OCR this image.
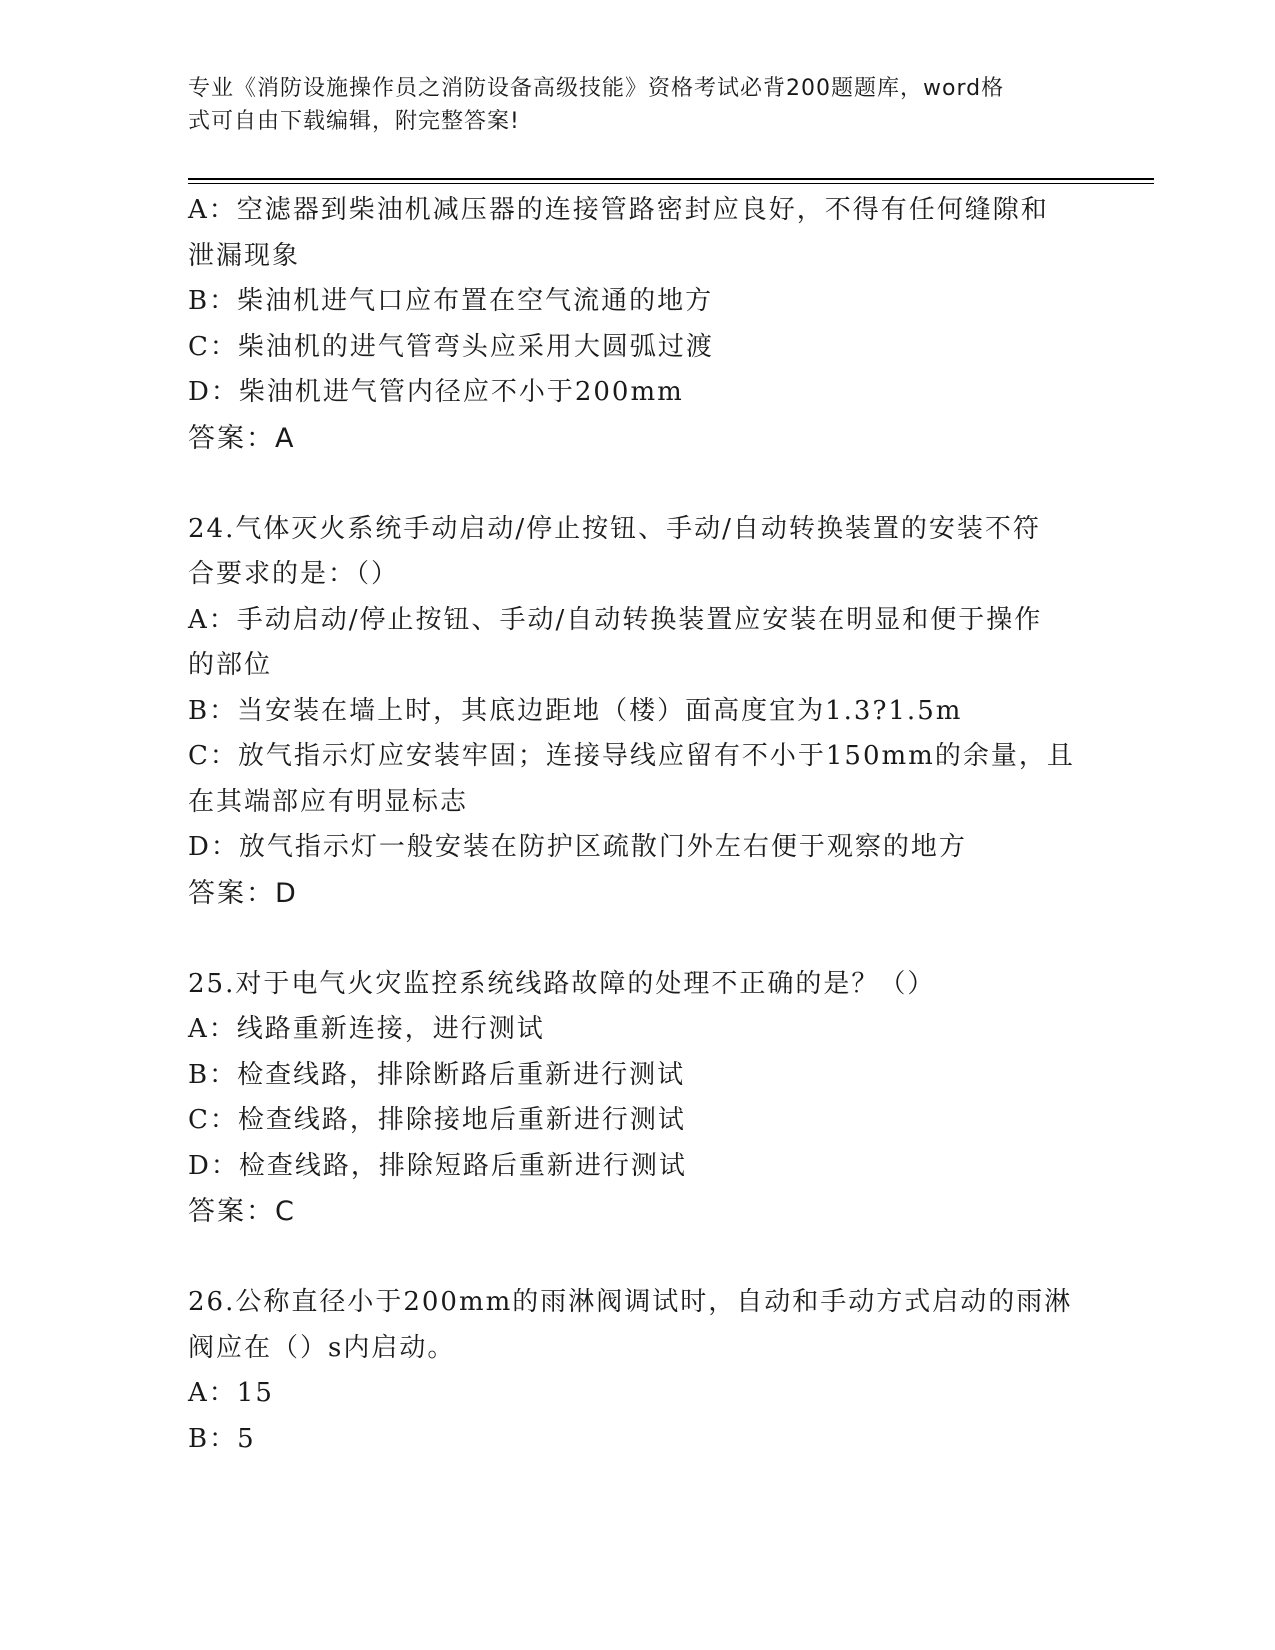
专业《消防设施操作员之消防设备高级技能》资格考试必背200题题库，word格
式可自由下载编辑，附完整答案!
A：空滤器到柴油机减压器的连接管路密封应良好，不得有任何缝隙和
泄漏现象
B：柴油机进气口应布置在空气流通的地方
C：柴油机的进气管弯头应采用大圆弧过渡
D：柴油机进气管内径应不小于200mm
答案：A
24.气体灭火系统手动启动/停止按钮、手动/自动转换装置的安装不符
合要求的是：（）
A：手动启动/停止按钮、手动/自动转换装置应安装在明显和便于操作
的部位
B：当安装在墙上时，其底边距地（楼）面高度宜为1.3?1.5m
C：放气指示灯应安装牢固；连接导线应留有不小于150mm的余量，且
在其端部应有明显标志
D：放气指示灯一般安装在防护区疏散门外左右便于观察的地方
答案：D
25.对于电气火灾监控系统线路故障的处理不正确的是？（）
A：线路重新连接，进行测试
B：检查线路，排除断路后重新进行测试
C：检查线路，排除接地后重新进行测试
D：检查线路，排除短路后重新进行测试
答案：C
26.公称直径小于200mm的雨淋阀调试时，自动和手动方式启动的雨淋
阀应在（）s内启动。
A：15
B：5
